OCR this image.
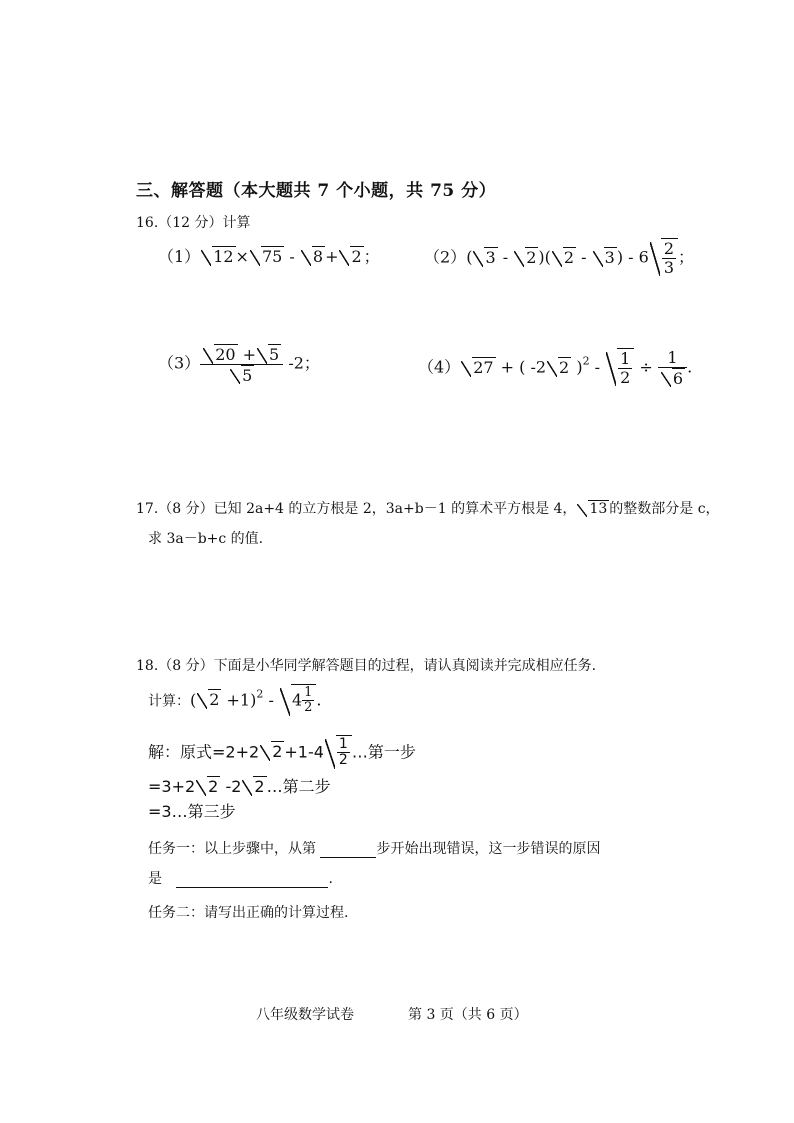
三、解答题（本大题共 7 个小题，共 75 分）
16.（12 分）计算
（1） 12 × 75 - 8 + 2 ；	（2）( 3 - 2 )( 2 - 3 ) - $6 \frac{2}{3}$ ；
$(3) \frac{20 + 5}{5} -2$；	（4） 27 + ( -2 2 )$^2 - \frac{1}{2} \div \frac{1}{6}$ .
17.（8 分）已知 2a+4 的立方根是 2，3a+b－1 的算术平方根是 4， 13 的整数部分是 c，
求 3a－b+c 的值.
18.（8 分）下面是小华同学解答题目的过程，请认真阅读并完成相应任务.
计算：( $2 +1)^2 - 4 \frac{1}{2}$ .
解：原式=2+2 $2 +1-4 \frac{1}{2}$ …第一步
=3+2 2 -2 2 …第二步
=3…第三步
任务一：以上步骤中，从第	步开始出现错误，这一步错误的原因
是	.
任务二：请写出正确的计算过程.
八年级数学试卷	第 3 页（共 6 页）
